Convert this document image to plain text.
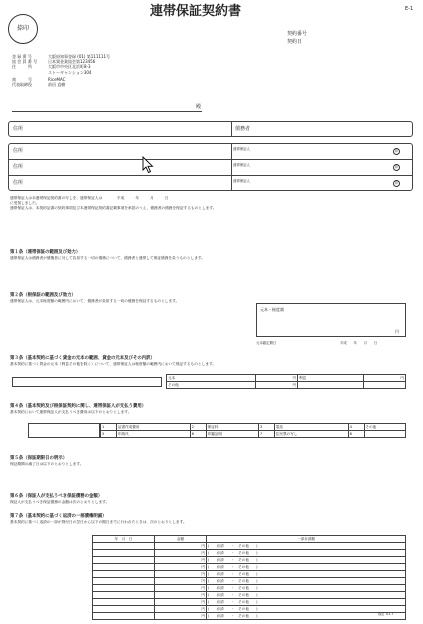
捺印
連帯保証契約書	E-1
契約番号
契約日
登 録 番 号	大阪府知事登録 (01) 第111111号
協 会 員 番 号	日本貸金業協会第123456
住　　　所	大阪市中央区北浜町8-3
ストーギャンション304
商　　　号	RiceMAC
代表取締役	前田 直樹
殿
住所	債務者
住所	連帯保証人
印
住所	連帯保証人
印
住所	連帯保証人
印
連帯保証人は本連帯保証契約書の写しを、連帯保証人は　　　　平成　　　年　　　月　　　日
に受領しました。
連帯保証人は、本契約証書の契約事項及び本連帯保証契約書記載事項を承認のうえ、債務者の債務を保証するものとします。
第１条（連帯保証の範囲及び効力）
連帯保証人は債務者が債権者に対して負担する一切の債務について、債務者と連帯して保証債務を負うものとします。
第２条（根保証の範囲及び効力）
連帯保証人は、元本極度額の範囲内において、債務者が負担する一切の債務を保証するものとします。
元本・極度額
円
元本確定期日	平成　　年　　月　　日
第３条（基本契約に基づく貸金の元本の範囲、貸金の元本及びその内訳）
基本契約に基づく貸金の元本（利息その他を除く）について、連帯保証人は極度額の範囲内において保証するものとします。
元本	円	利息	円
その他	円		
第４条（基本契約及び根保証契約に関し、連帯保証人が支払う費用）
基本契約において連帯保証人が支払うべき費用は以下のとおりとします。
1	証書作成費用	2	保証料	3	電話	4	その他
5	印紙代	6	印鑑証明	7	住民票の写し	8	
第５条（保証期限日の明示）
保証期間の満了日は以下のとおりとします。
第６条（保証人が支払うべき保証債務の金額）
保証人が支払うべき保証債務の金額は次のとおりとします。
第７条（基本契約に基づく返済の一部債権明細）
基本契約に基づく返済の一部が貸付日の翌日から以下の期日までに行われたときは、次のとおりとします。
年　月　日	金額	一部弁済額
	円	(　　弁済　　・　その他　　)
	円	(　　弁済　　・　その他　　)
	円	(　　弁済　　・　その他　　)
	円	(　　弁済　　・　その他　　)
	円	(　　弁済　　・　その他　　)
	円	(　　弁済　　・　その他　　)
	円	(　　弁済　　・　その他　　)
	円	(　　弁済　　・　その他　　)
	円	(　　弁済　　・　その他　　)
	円	(　　弁済　　・　その他　　)
	円	(　　弁済　　・　その他　　)	改訂 01-7
